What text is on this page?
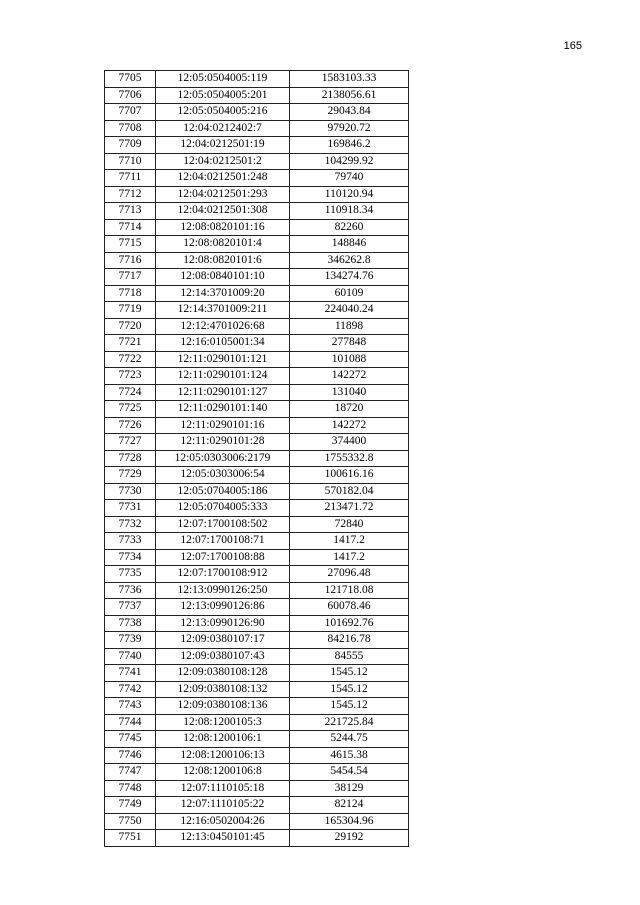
165
7705	12:05:0504005:119	1583103.33
7706	12:05:0504005:201	2138056.61
7707	12:05:0504005:216	29043.84
7708	12:04:0212402:7	97920.72
7709	12:04:0212501:19	169846.2
7710	12:04:0212501:2	104299.92
7711	12:04:0212501:248	79740
7712	12:04:0212501:293	110120.94
7713	12:04:0212501:308	110918.34
7714	12:08:0820101:16	82260
7715	12:08:0820101:4	148846
7716	12:08:0820101:6	346262.8
7717	12:08:0840101:10	134274.76
7718	12:14:3701009:20	60109
7719	12:14:3701009:211	224040.24
7720	12:12:4701026:68	11898
7721	12:16:0105001:34	277848
7722	12:11:0290101:121	101088
7723	12:11:0290101:124	142272
7724	12:11:0290101:127	131040
7725	12:11:0290101:140	18720
7726	12:11:0290101:16	142272
7727	12:11:0290101:28	374400
7728	12:05:0303006:2179	1755332.8
7729	12:05:0303006:54	100616.16
7730	12:05:0704005:186	570182.04
7731	12:05:0704005:333	213471.72
7732	12:07:1700108:502	72840
7733	12:07:1700108:71	1417.2
7734	12:07:1700108:88	1417.2
7735	12:07:1700108:912	27096.48
7736	12:13:0990126:250	121718.08
7737	12:13:0990126:86	60078.46
7738	12:13:0990126:90	101692.76
7739	12:09:0380107:17	84216.78
7740	12:09:0380107:43	84555
7741	12:09:0380108:128	1545.12
7742	12:09:0380108:132	1545.12
7743	12:09:0380108:136	1545.12
7744	12:08:1200105:3	221725.84
7745	12:08:1200106:1	5244.75
7746	12:08:1200106:13	4615.38
7747	12:08:1200106:8	5454.54
7748	12:07:1110105:18	38129
7749	12:07:1110105:22	82124
7750	12:16:0502004:26	165304.96
7751	12:13:0450101:45	29192
